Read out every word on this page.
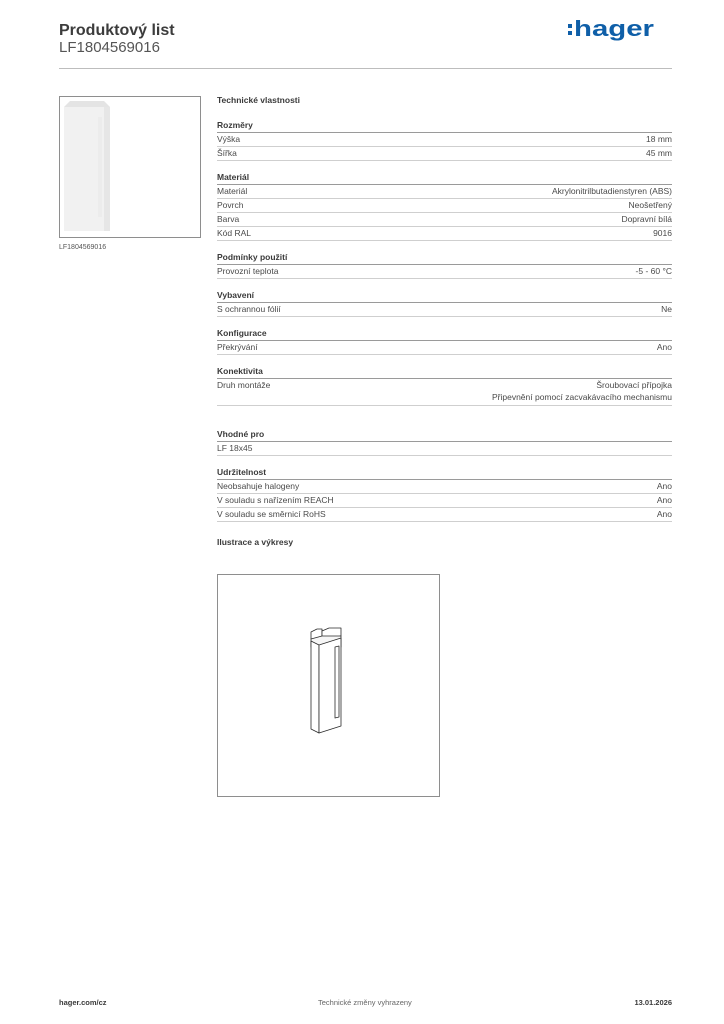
Produktový list
LF1804569016
hager
LF1804569016
Technické vlastnosti
Rozměry
Výška	18 mm
Šířka	45 mm
Materiál
Materiál	Akrylonitrilbutadienstyren (ABS)
Povrch	Neošetřený
Barva	Dopravní bílá
Kód RAL	9016
Podmínky použití
Provozní teplota	-5 - 60 °C
Vybavení
S ochrannou fólií	Ne
Konfigurace
Překrývání	Ano
Konektivita
Druh montáže	Šroubovací přípojka
Připevnění pomocí zacvakávacího mechanismu
Vhodné pro
LF 18x45
Udržitelnost
Neobsahuje halogeny	Ano
V souladu s nařízením REACH	Ano
V souladu se směrnicí RoHS	Ano
Ilustrace a výkresy
hager.com/cz	Technické změny vyhrazeny	13.01.2026
